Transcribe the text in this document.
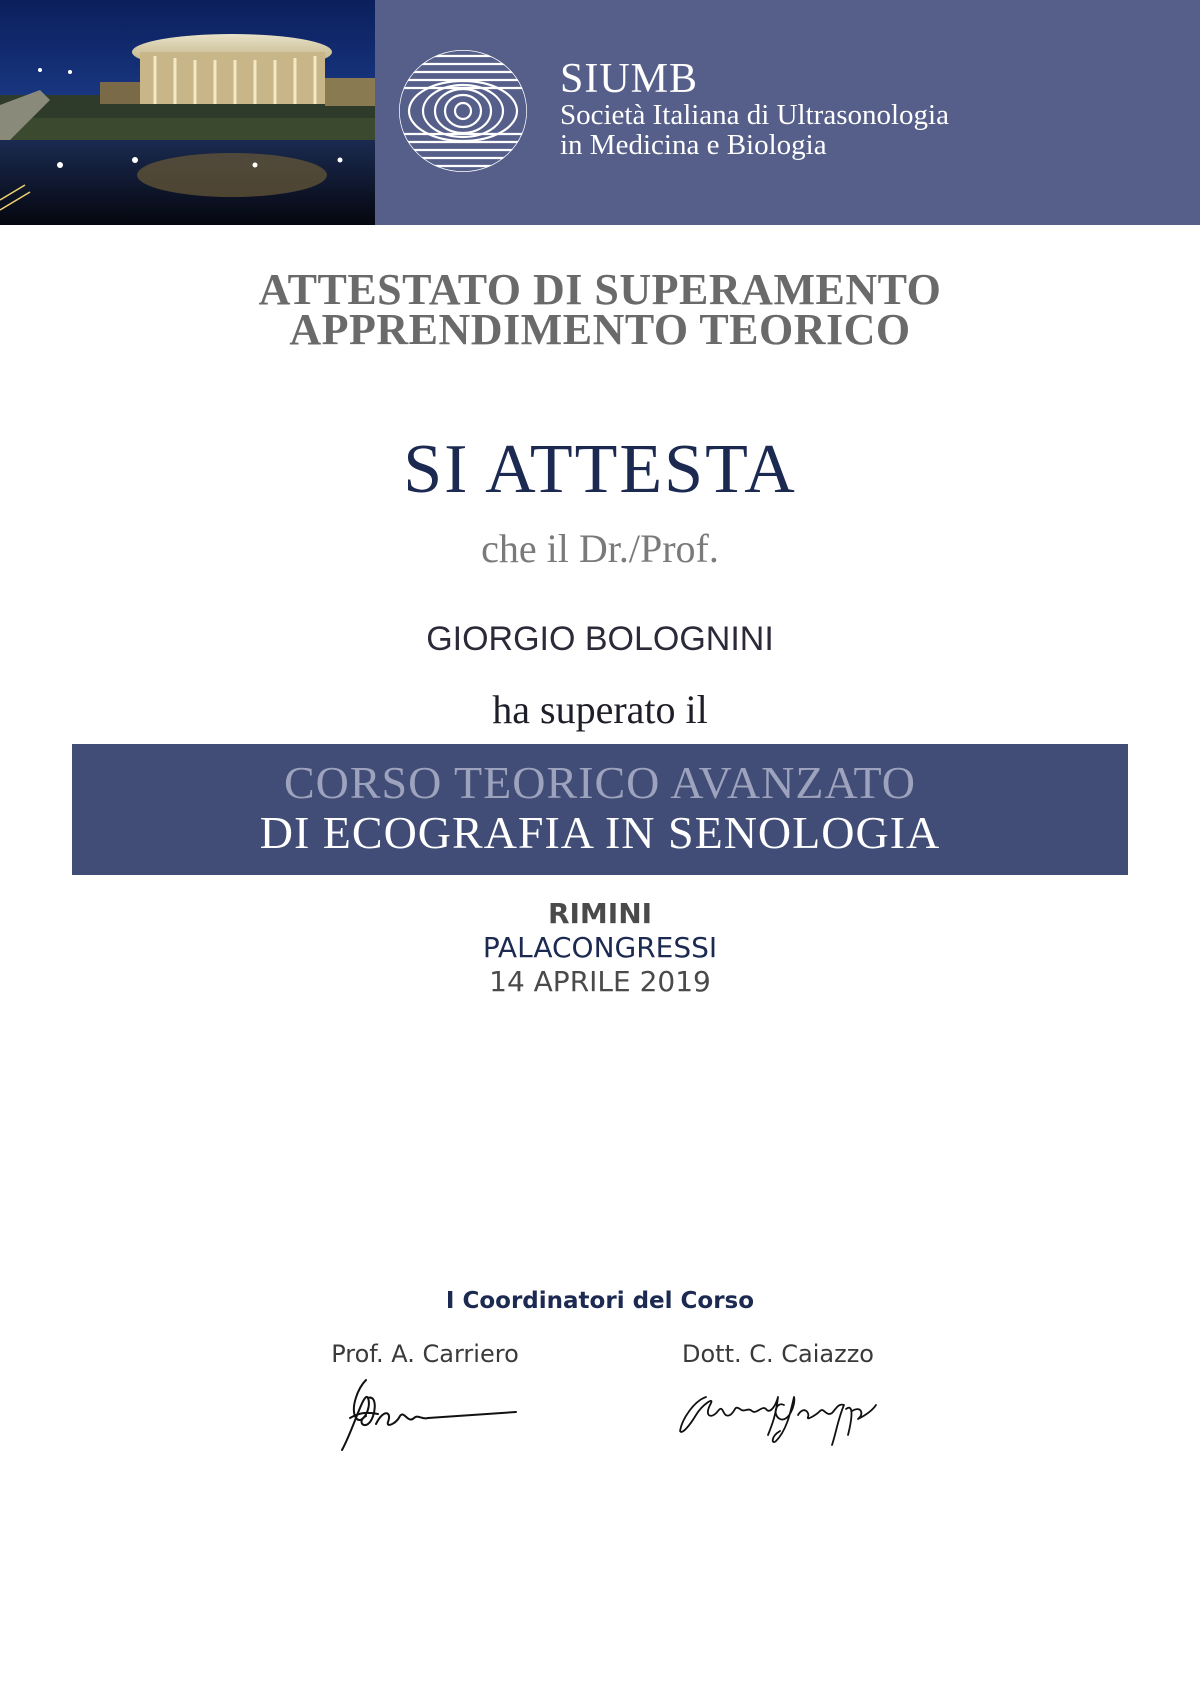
SIUMB
Società Italiana di Ultrasonologia
in Medicina e Biologia
ATTESTATO DI SUPERAMENTO
APPRENDIMENTO TEORICO
SI ATTESTA
che il Dr./Prof.
GIORGIO BOLOGNINI
ha superato il
CORSO TEORICO AVANZATO
DI ECOGRAFIA IN SENOLOGIA
RIMINI
PALACONGRESSI
14 APRILE 2019
I Coordinatori del Corso
Prof. A. Carriero	Dott. C. Caiazzo
